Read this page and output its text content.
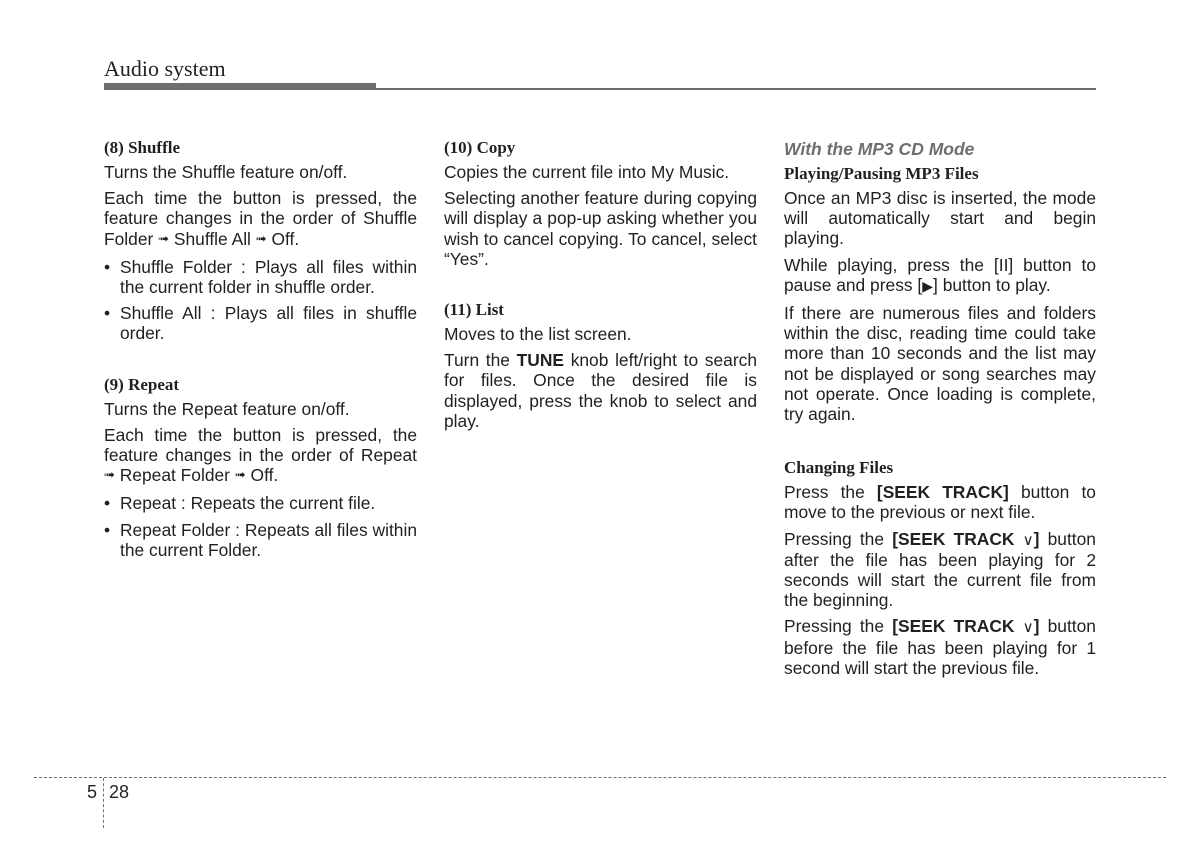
Audio system
(8) Shuffle

Turns the Shuffle feature on/off.

Each time the button is pressed, the feature changes in the order of Shuffle Folder ➟ Shuffle All ➟ Off.

• Shuffle Folder : Plays all files within the current folder in shuffle order.

• Shuffle All : Plays all files in shuffle order.

(9) Repeat

Turns the Repeat feature on/off.

Each time the button is pressed, the feature changes in the order of Repeat ➟ Repeat Folder ➟ Off.

• Repeat : Repeats the current file.

• Repeat Folder : Repeats all files within the current Folder.

(10) Copy

Copies the current file into My Music.

Selecting another feature during copying will display a pop-up asking whether you wish to cancel copying. To cancel, select “Yes”.

(11) List

Moves to the list screen.

Turn the TUNE knob left/right to search for files. Once the desired file is displayed, press the knob to select and play.

With the MP3 CD Mode
Playing/Pausing MP3 Files

Once an MP3 disc is inserted, the mode will automatically start and begin playing.

While playing, press the [II] button to pause and press [▶] button to play.

If there are numerous files and folders within the disc, reading time could take more than 10 seconds and the list may not be displayed or song searches may not operate. Once loading is complete, try again.

Changing Files

Press the [SEEK TRACK] button to move to the previous or next file.

Pressing the [SEEK TRACK ∨] button after the file has been playing for 2 seconds will start the current file from the beginning.

Pressing the [SEEK TRACK ∨] button before the file has been playing for 1 second will start the previous file.

5 28
